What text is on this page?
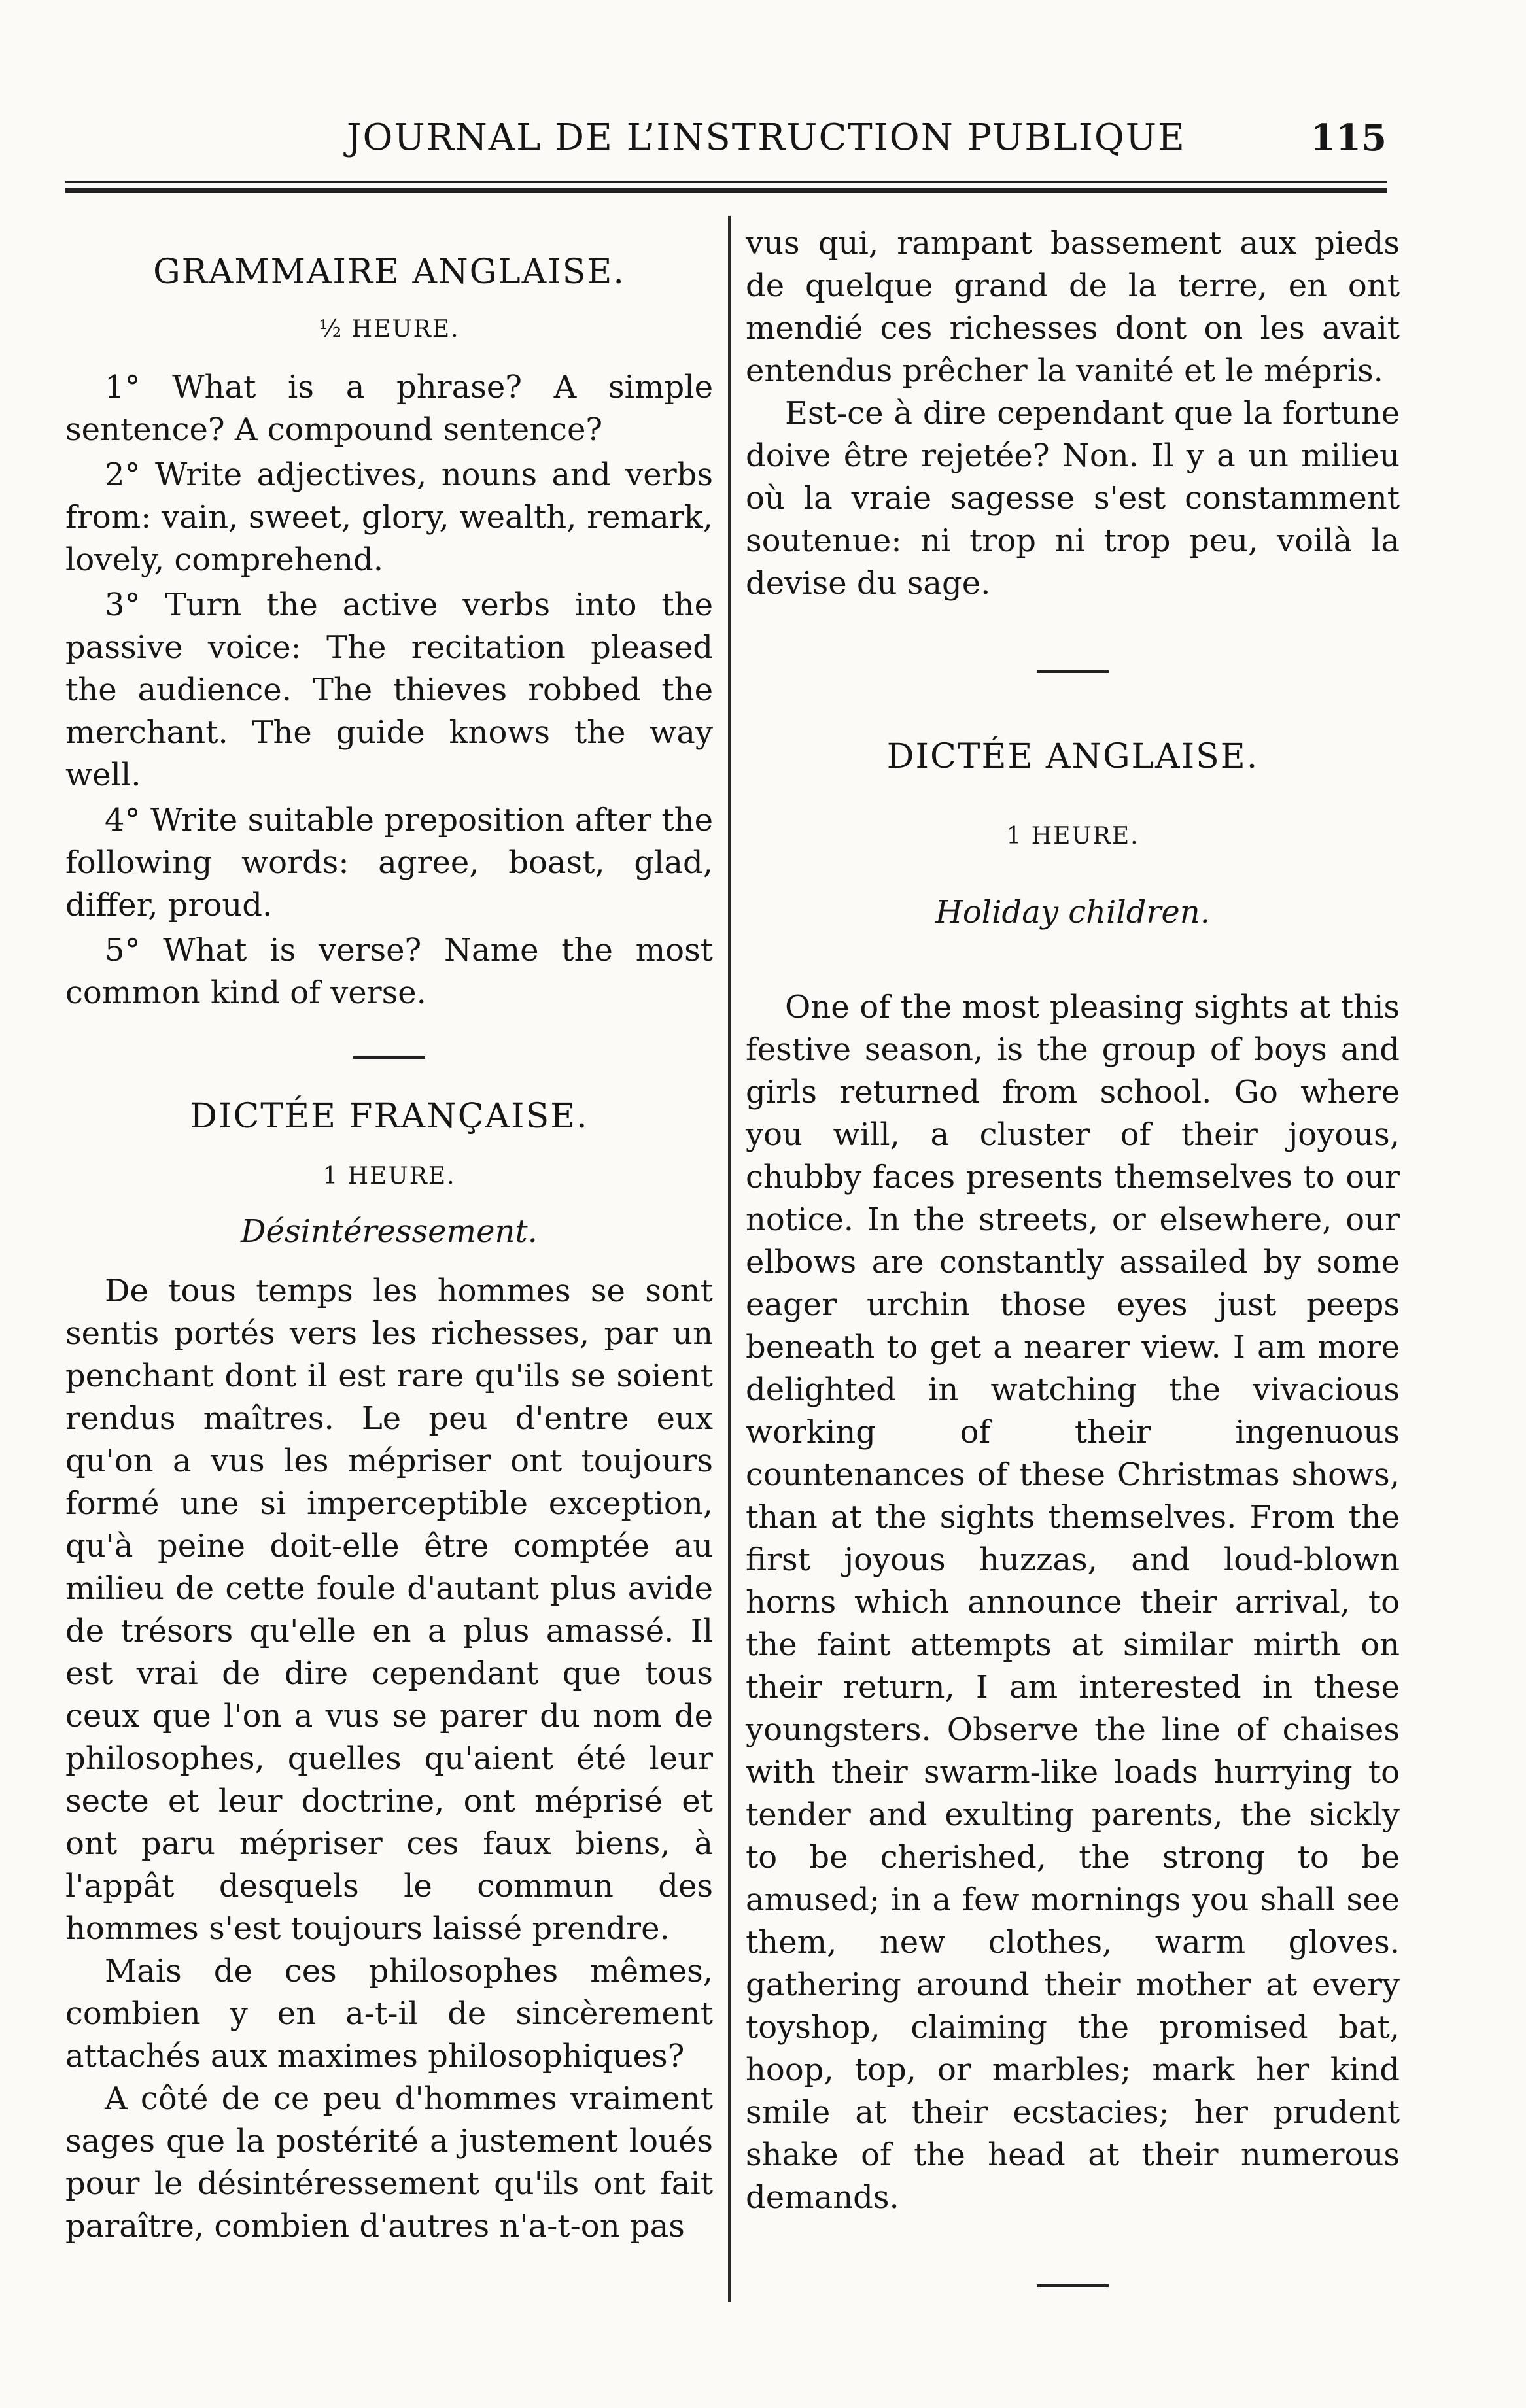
JOURNAL DE L’INSTRUCTION PUBLIQUE	115
GRAMMAIRE ANGLAISE.
½ HEURE.

1° What is a phrase? A simple sentence? A compound sentence?

2° Write adjectives, nouns and verbs from: vain, sweet, glory, wealth, remark, lovely, comprehend.

3° Turn the active verbs into the passive voice: The recitation pleased the audience. The thieves robbed the merchant. The guide knows the way well.

4° Write suitable preposition after the following words: agree, boast, glad, differ, proud.

5° What is verse? Name the most common kind of verse.

DICTÉE FRANÇAISE.
1 HEURE.
Désintéressement.

De tous temps les hommes se sont sentis portés vers les richesses, par un penchant dont il est rare qu'ils se soient rendus maîtres. Le peu d'entre eux qu'on a vus les mépriser ont toujours formé une si imperceptible exception, qu'à peine doit-elle être comptée au milieu de cette foule d'autant plus avide de trésors qu'elle en a plus amassé. Il est vrai de dire cependant que tous ceux que l'on a vus se parer du nom de philosophes, quelles qu'aient été leur secte et leur doctrine, ont méprisé et ont paru mépriser ces faux biens, à l'appât desquels le commun des hommes s'est toujours laissé prendre.

Mais de ces philosophes mêmes, combien y en a-t-il de sincèrement attachés aux maximes philosophiques?

A côté de ce peu d'hommes vraiment sages que la postérité a justement loués pour le désintéressement qu'ils ont fait paraître, combien d'autres n'a-t-on pas

vus qui, rampant bassement aux pieds de quelque grand de la terre, en ont mendié ces richesses dont on les avait entendus prêcher la vanité et le mépris.

Est-ce à dire cependant que la fortune doive être rejetée? Non. Il y a un milieu où la vraie sagesse s'est constamment soutenue: ni trop ni trop peu, voilà la devise du sage.

DICTÉE ANGLAISE.
1 HEURE.
Holiday children.

One of the most pleasing sights at this festive season, is the group of boys and girls returned from school. Go where you will, a cluster of their joyous, chubby faces presents themselves to our notice. In the streets, or elsewhere, our elbows are constantly assailed by some eager urchin those eyes just peeps beneath to get a nearer view. I am more delighted in watching the vivacious working of their ingenuous countenances of these Christmas shows, than at the sights themselves. From the first joyous huzzas, and loud-blown horns which announce their arrival, to the faint attempts at similar mirth on their return, I am interested in these youngsters. Observe the line of chaises with their swarm-like loads hurrying to tender and exulting parents, the sickly to be cherished, the strong to be amused; in a few mornings you shall see them, new clothes, warm gloves. gathering around their mother at every toyshop, claiming the promised bat, hoop, top, or marbles; mark her kind smile at their ecstacies; her prudent shake of the head at their numerous demands.
